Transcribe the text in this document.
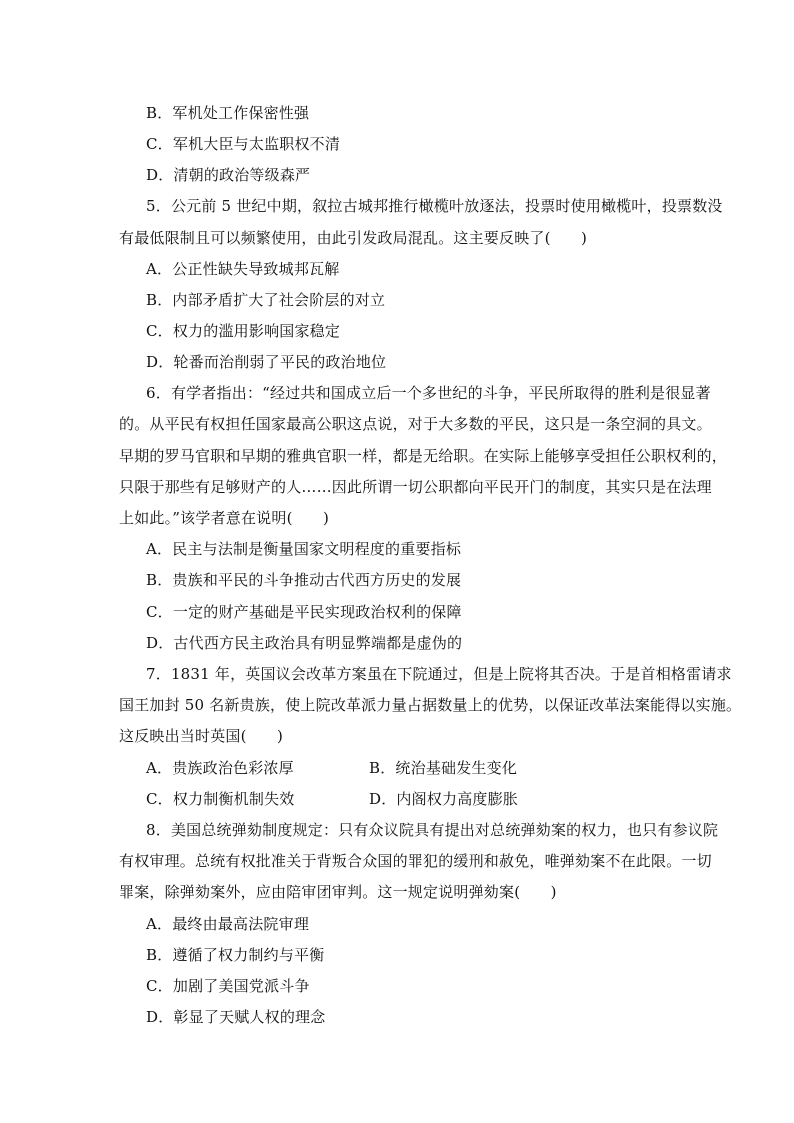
B．军机处工作保密性强
C．军机大臣与太监职权不清
D．清朝的政治等级森严
5．公元前 5 世纪中期，叙拉古城邦推行橄榄叶放逐法，投票时使用橄榄叶，投票数没
有最低限制且可以频繁使用，由此引发政局混乱。这主要反映了(　　)
A．公正性缺失导致城邦瓦解
B．内部矛盾扩大了社会阶层的对立
C．权力的滥用影响国家稳定
D．轮番而治削弱了平民的政治地位
6．有学者指出：“经过共和国成立后一个多世纪的斗争，平民所取得的胜利是很显著
的。从平民有权担任国家最高公职这点说，对于大多数的平民，这只是一条空洞的具文。
早期的罗马官职和早期的雅典官职一样，都是无给职。在实际上能够享受担任公职权利的，
只限于那些有足够财产的人……因此所谓一切公职都向平民开门的制度，其实只是在法理
上如此。”该学者意在说明(　　)
A．民主与法制是衡量国家文明程度的重要指标
B．贵族和平民的斗争推动古代西方历史的发展
C．一定的财产基础是平民实现政治权利的保障
D．古代西方民主政治具有明显弊端都是虚伪的
7．1831 年，英国议会改革方案虽在下院通过，但是上院将其否决。于是首相格雷请求
国王加封 50 名新贵族，使上院改革派力量占据数量上的优势，以保证改革法案能得以实施。
这反映出当时英国(　　)
A．贵族政治色彩浓厚	B．统治基础发生变化
C．权力制衡机制失效	D．内阁权力高度膨胀
8．美国总统弹劾制度规定：只有众议院具有提出对总统弹劾案的权力，也只有参议院
有权审理。总统有权批准关于背叛合众国的罪犯的缓刑和赦免，唯弹劾案不在此限。一切
罪案，除弹劾案外，应由陪审团审判。这一规定说明弹劾案(　　)
A．最终由最高法院审理
B．遵循了权力制约与平衡
C．加剧了美国党派斗争
D．彰显了天赋人权的理念
